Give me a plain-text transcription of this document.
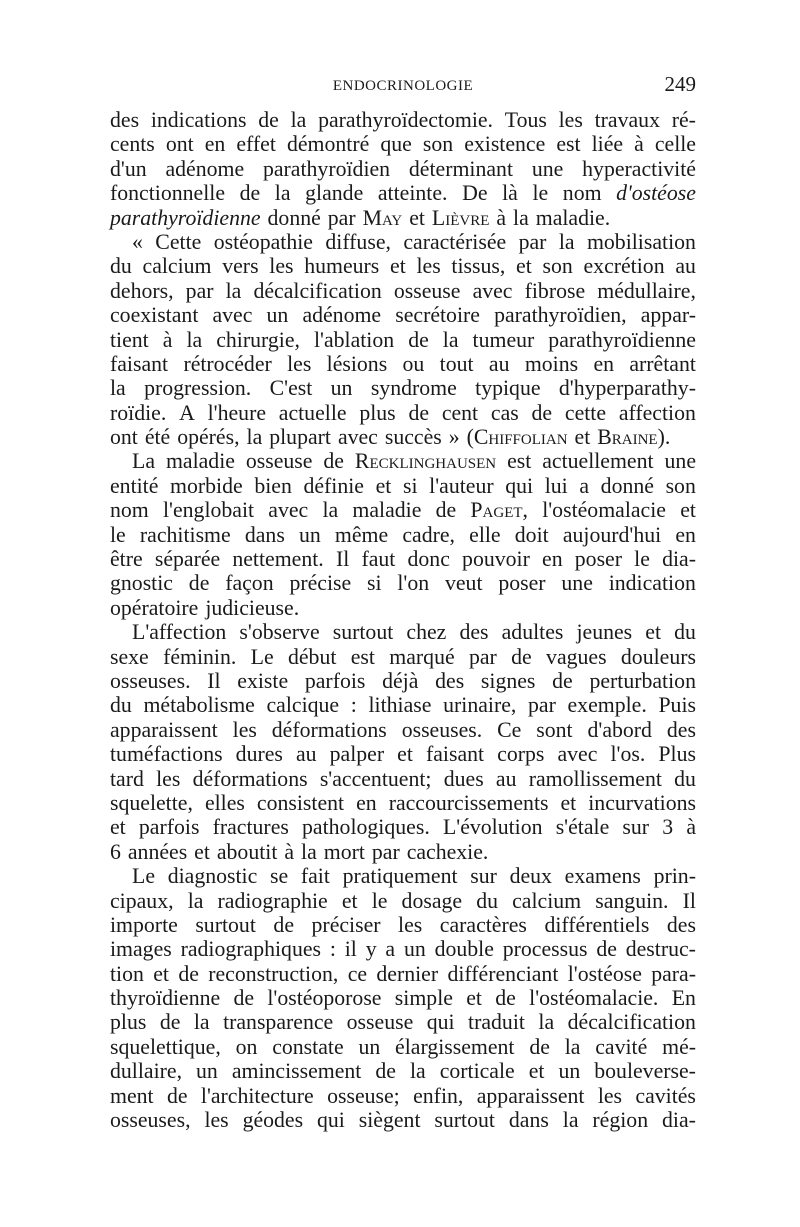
ENDOCRINOLOGIE	249
des indications de la parathyroïdectomie. Tous les travaux ré-
cents ont en effet démontré que son existence est liée à celle
d'un adénome parathyroïdien déterminant une hyperactivité
fonctionnelle de la glande atteinte. De là le nom d'ostéose
parathyroïdienne donné par May et Lièvre à la maladie.
« Cette ostéopathie diffuse, caractérisée par la mobilisation
du calcium vers les humeurs et les tissus, et son excrétion au
dehors, par la décalcification osseuse avec fibrose médullaire,
coexistant avec un adénome secrétoire parathyroïdien, appar-
tient à la chirurgie, l'ablation de la tumeur parathyroïdienne
faisant rétrocéder les lésions ou tout au moins en arrêtant
la progression. C'est un syndrome typique d'hyperparathy-
roïdie. A l'heure actuelle plus de cent cas de cette affection
ont été opérés, la plupart avec succès » (Chiffolian et Braine).
La maladie osseuse de Recklinghausen est actuellement une
entité morbide bien définie et si l'auteur qui lui a donné son
nom l'englobait avec la maladie de Paget, l'ostéomalacie et
le rachitisme dans un même cadre, elle doit aujourd'hui en
être séparée nettement. Il faut donc pouvoir en poser le dia-
gnostic de façon précise si l'on veut poser une indication
opératoire judicieuse.
L'affection s'observe surtout chez des adultes jeunes et du
sexe féminin. Le début est marqué par de vagues douleurs
osseuses. Il existe parfois déjà des signes de perturbation
du métabolisme calcique : lithiase urinaire, par exemple. Puis
apparaissent les déformations osseuses. Ce sont d'abord des
tuméfactions dures au palper et faisant corps avec l'os. Plus
tard les déformations s'accentuent; dues au ramollissement du
squelette, elles consistent en raccourcissements et incurvations
et parfois fractures pathologiques. L'évolution s'étale sur 3 à
6 années et aboutit à la mort par cachexie.
Le diagnostic se fait pratiquement sur deux examens prin-
cipaux, la radiographie et le dosage du calcium sanguin. Il
importe surtout de préciser les caractères différentiels des
images radiographiques : il y a un double processus de destruc-
tion et de reconstruction, ce dernier différenciant l'ostéose para-
thyroïdienne de l'ostéoporose simple et de l'ostéomalacie. En
plus de la transparence osseuse qui traduit la décalcification
squelettique, on constate un élargissement de la cavité mé-
dullaire, un amincissement de la corticale et un bouleverse-
ment de l'architecture osseuse; enfin, apparaissent les cavités
osseuses, les géodes qui siègent surtout dans la région dia-
